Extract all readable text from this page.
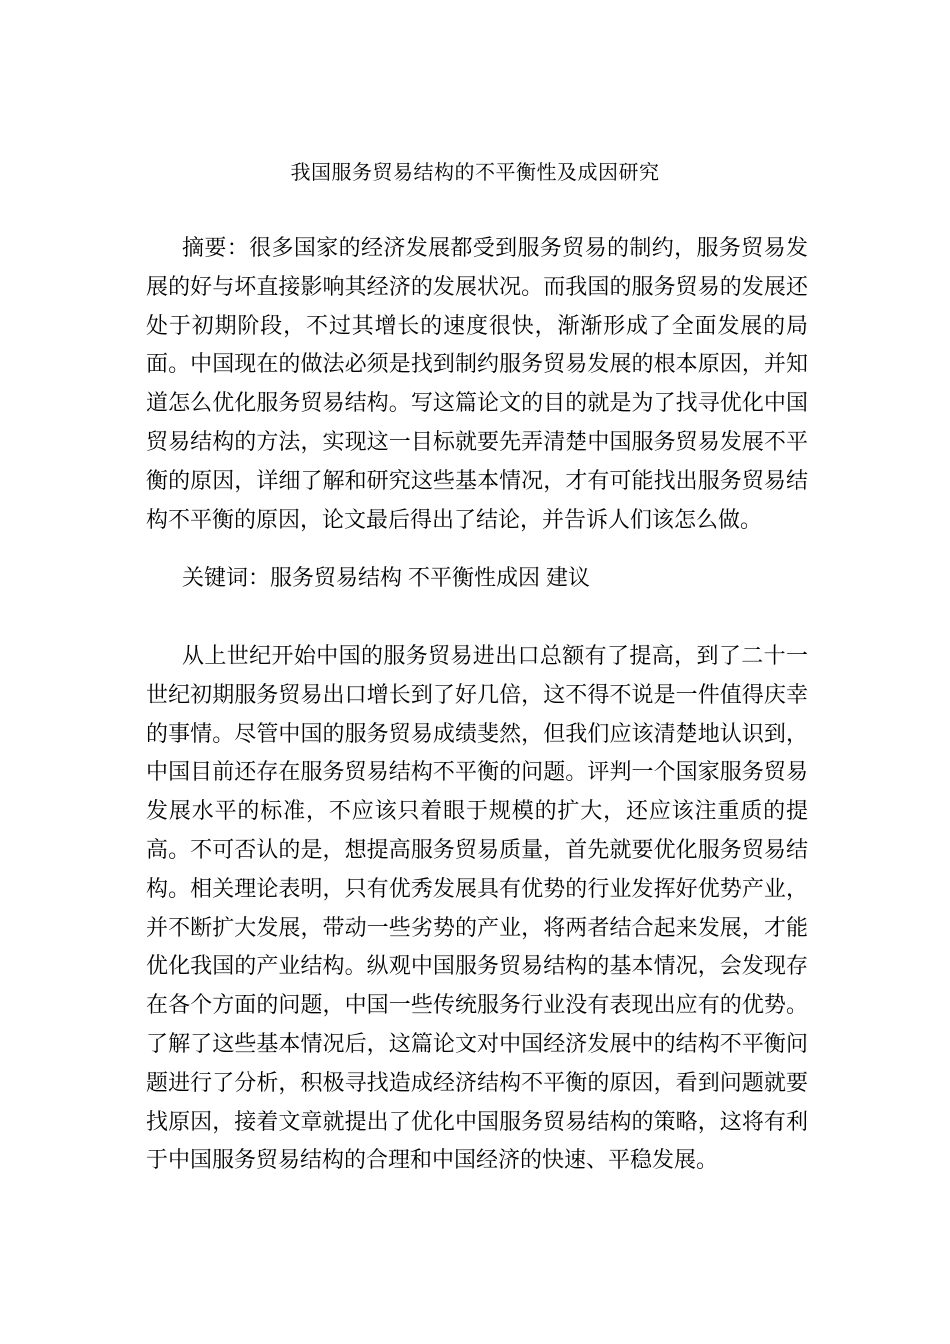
我国服务贸易结构的不平衡性及成因研究

摘要：很多国家的经济发展都受到服务贸易的制约，服务贸易发展的好与坏直接影响其经济的发展状况。而我国的服务贸易的发展还处于初期阶段，不过其增长的速度很快，渐渐形成了全面发展的局面。中国现在的做法必须是找到制约服务贸易发展的根本原因，并知道怎么优化服务贸易结构。写这篇论文的目的就是为了找寻优化中国贸易结构的方法，实现这一目标就要先弄清楚中国服务贸易发展不平衡的原因，详细了解和研究这些基本情况，才有可能找出服务贸易结构不平衡的原因，论文最后得出了结论，并告诉人们该怎么做。

关键词：服务贸易结构 不平衡性成因 建议

从上世纪开始中国的服务贸易进出口总额有了提高，到了二十一世纪初期服务贸易出口增长到了好几倍，这不得不说是一件值得庆幸的事情。尽管中国的服务贸易成绩斐然，但我们应该清楚地认识到，中国目前还存在服务贸易结构不平衡的问题。评判一个国家服务贸易发展水平的标准，不应该只着眼于规模的扩大，还应该注重质的提高。不可否认的是，想提高服务贸易质量，首先就要优化服务贸易结构。相关理论表明，只有优秀发展具有优势的行业发挥好优势产业，并不断扩大发展，带动一些劣势的产业，将两者结合起来发展，才能优化我国的产业结构。纵观中国服务贸易结构的基本情况，会发现存在各个方面的问题，中国一些传统服务行业没有表现出应有的优势。了解了这些基本情况后，这篇论文对中国经济发展中的结构不平衡问题进行了分析，积极寻找造成经济结构不平衡的原因，看到问题就要找原因，接着文章就提出了优化中国服务贸易结构的策略，这将有利于中国服务贸易结构的合理和中国经济的快速、平稳发展。
